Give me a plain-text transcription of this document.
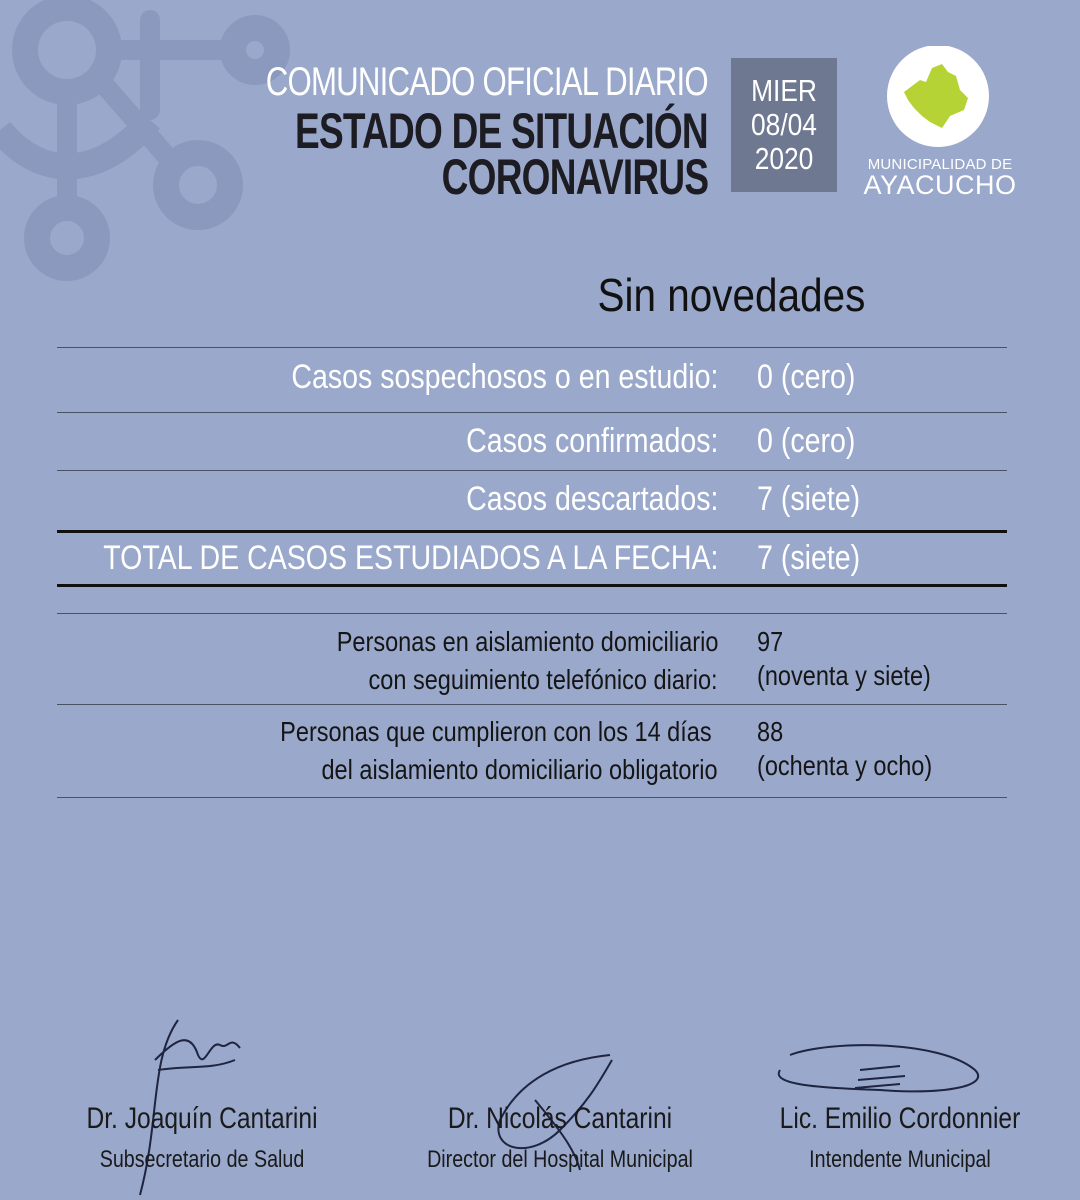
COMUNICADO OFICIAL DIARIO
ESTADO DE SITUACIÓN
CORONAVIRUS
MIER
08/04
2020	MUNICIPALIDAD DE
AYACUCHO
Sin novedades
Casos sospechosos o en estudio: 0 (cero)
Casos confirmados: 0 (cero)
Casos descartados: 7 (siete)
TOTAL DE CASOS ESTUDIADOS A LA FECHA: 7 (siete)
Personas en aislamiento domiciliario
con seguimiento telefónico diario:
97
(noventa y siete)
Personas que cumplieron con los 14 días
del aislamiento domiciliario obligatorio
88
(ochenta y ocho)
Dr. Joaquín Cantarini
Subsecretario de Salud
Dr. Nicolás Cantarini
Director del Hospital Municipal
Lic. Emilio Cordonnier
Intendente Municipal
